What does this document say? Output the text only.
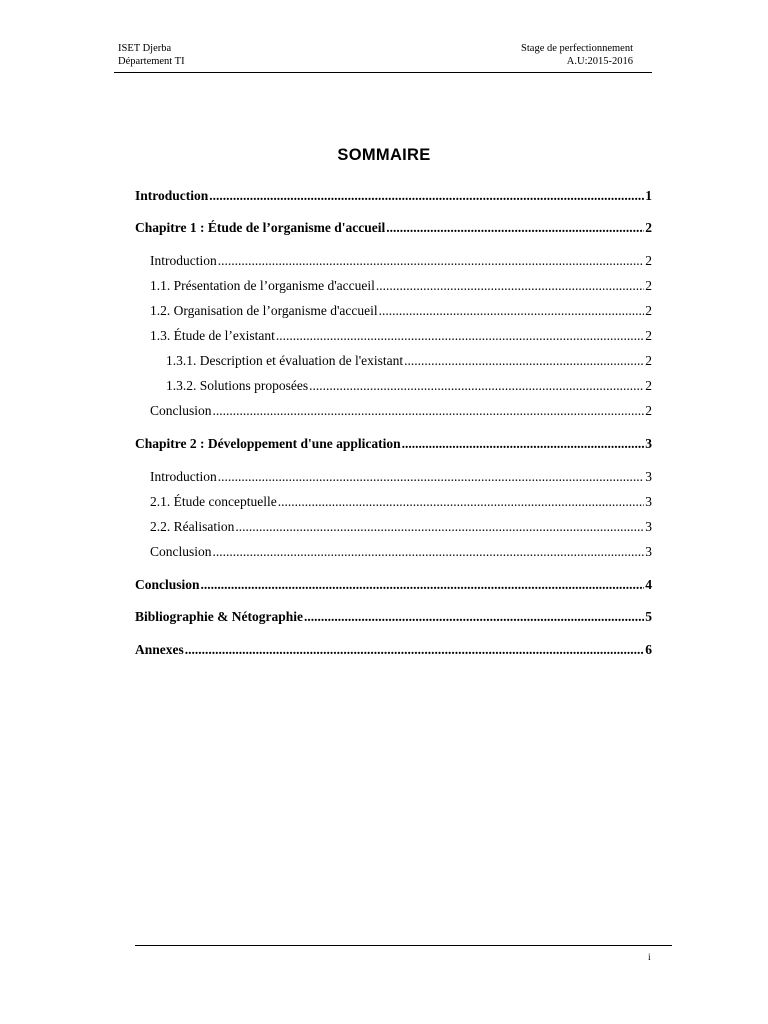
ISET Djerba
Département TI
Stage de perfectionnement
A.U:2015-2016
SOMMAIRE
Introduction .....	1
Chapitre 1 : Étude de l’organisme d'accueil .....	2
Introduction .....	2
1.1. Présentation de l’organisme d'accueil .....	2
1.2. Organisation de l’organisme d'accueil .....	2
1.3. Étude de l’existant .....	2
1.3.1. Description et évaluation de l'existant .....	2
1.3.2. Solutions proposées .....	2
Conclusion .....	2
Chapitre 2 : Développement d'une application .....	3
Introduction .....	3
2.1. Étude conceptuelle .....	3
2.2. Réalisation .....	3
Conclusion .....	3
Conclusion .....	4
Bibliographie & Nétographie .....	5
Annexes .....	6
i
